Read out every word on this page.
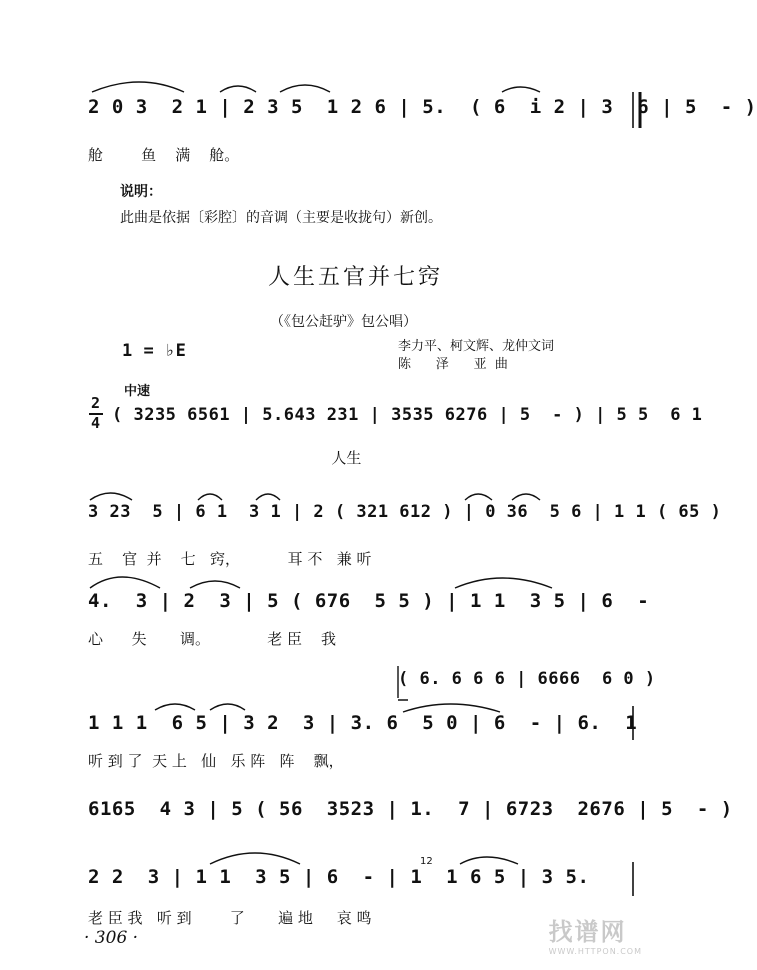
2 0 3  2 1 | 2 3 5  1 2 6 | 5.  ( 6  i 2 | 3  6 | 5  - )
舱        鱼    满    舱。
说明：
此曲是依据〔彩腔〕的音调（主要是收拢句）新创。
人生五官并七窍
（《包公赶驴》包公唱）
1 = ♭E	李力平、柯文辉、龙仲文词
陈      泽      亚  曲
中速
2
4 ( 3235 6561 | 5.643 231 | 3535 6276 | 5  - ) | 5 5  6 1
人生
3 23  5 | 6 1  3 1 | 2 ( 321 612 ) | 0 36  5 6 | 1 1 ( 65 )
五    官  并    七   窍，          耳 不   兼 听
4.  3 | 2  3 | 5 ( 676  5 5 ) | 1 1  3 5 | 6  -
心      失       调。            老 臣    我
( 6. 6 6 6 | 6666  6 0 )
1 1 1  6 5 | 3 2  3 | 3. 6  5 0 | 6  - | 6.  1
听 到 了  天 上   仙   乐 阵   阵    飘，
6165  4 3 | 5 ( 56  3523 | 1.  7 | 6723  2676 | 5  - )
12
2 2  3 | 1 1  3 5 | 6  - | 1  1 6 5 | 3 5.
老 臣 我   听 到        了       遍 地     哀 鸣
· 306 ·	找谱网
WWW.HTTPON.COM
